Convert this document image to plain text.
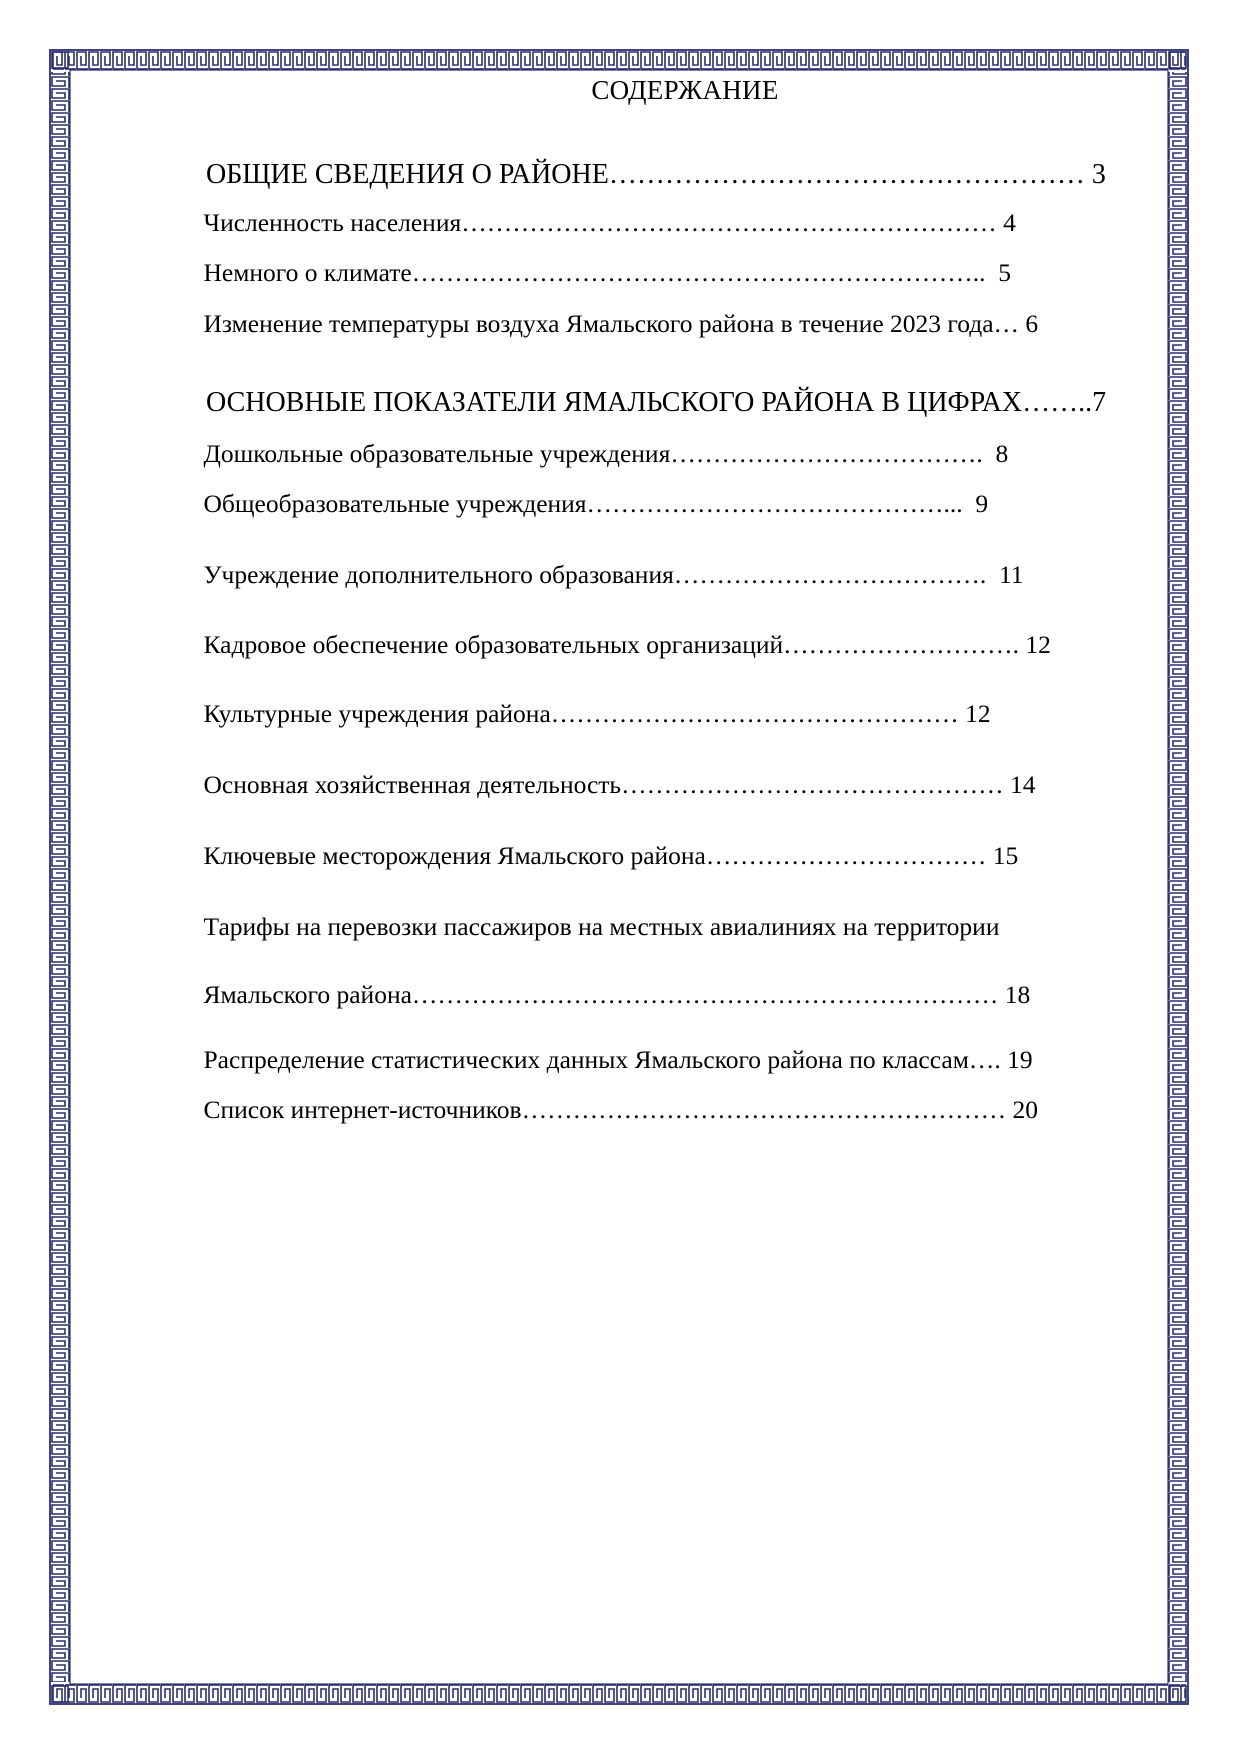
СОДЕРЖАНИЕ

ОБЩИЕ СВЕДЕНИЯ О РАЙОНЕ…………………………………………… 3

Численность населения……………………………………………………… 4

Немного о климате………………………………………………………….. 5

Изменение температуры воздуха Ямальского района в течение 2023 года… 6

ОСНОВНЫЕ ПОКАЗАТЕЛИ ЯМАЛЬСКОГО РАЙОНА В ЦИФРАХ……..7

Дошкольные образовательные учреждения………………………………. 8

Общеобразовательные учреждения……………………………………... 9

Учреждение дополнительного образования………………………………. 11

Кадровое обеспечение образовательных организаций………………………. 12

Культурные учреждения района………………………………………… 12

Основная хозяйственная деятельность……………………………………… 14

Ключевые месторождения Ямальского района…………………………… 15

Тарифы на перевозки пассажиров на местных авиалиниях на территории

Ямальского района…………………………………………………………… 18

Распределение статистических данных Ямальского района по классам…. 19

Список интернет-источников………………………………………………… 20
